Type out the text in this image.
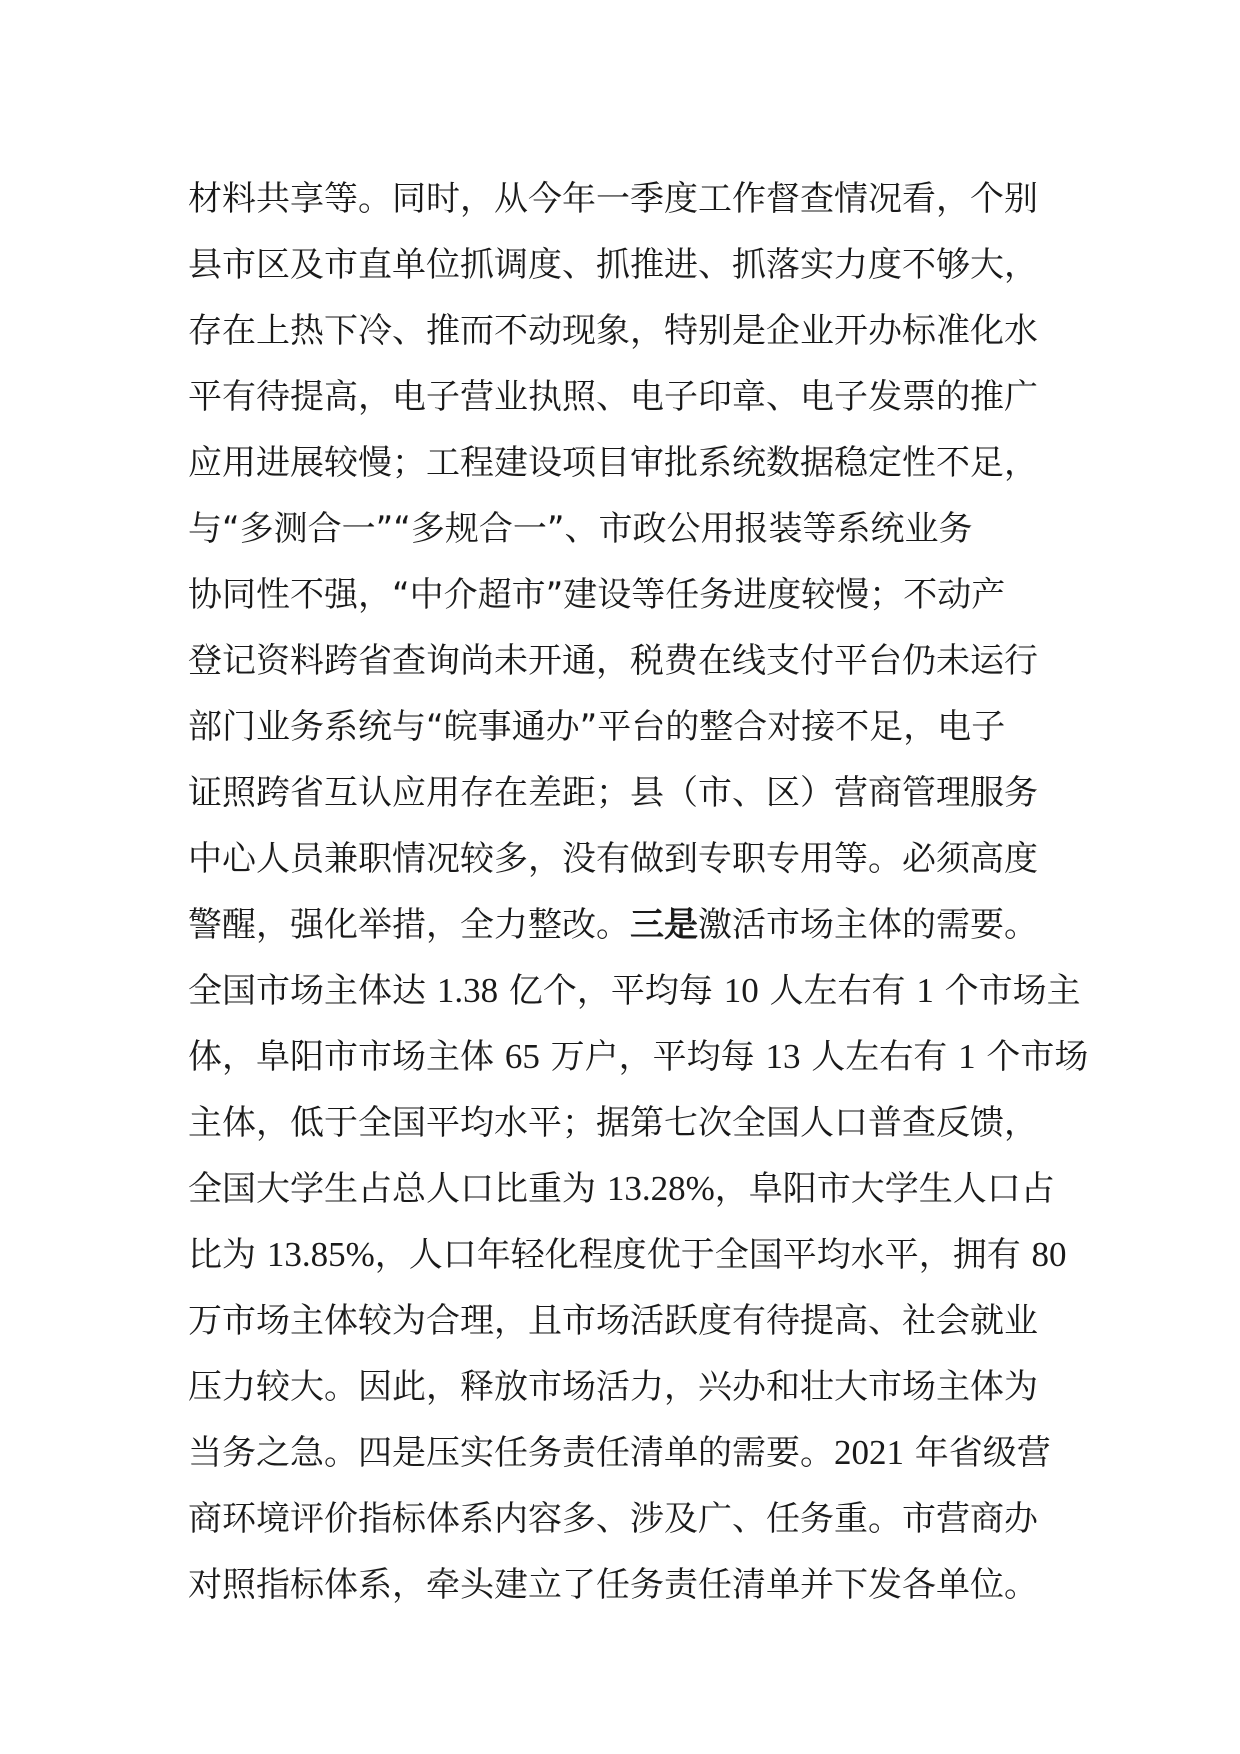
材料共享等。同时，从今年一季度工作督查情况看，个别
县市区及市直单位抓调度、抓推进、抓落实力度不够大，
存在上热下冷、推而不动现象，特别是企业开办标准化水
平有待提高，电子营业执照、电子印章、电子发票的推广
应用进展较慢；工程建设项目审批系统数据稳定性不足，
与“多测合一”“多规合一”、市政公用报装等系统业务
协同性不强，“中介超市”建设等任务进度较慢；不动产
登记资料跨省查询尚未开通，税费在线支付平台仍未运行
部门业务系统与“皖事通办”平台的整合对接不足，电子
证照跨省互认应用存在差距；县（市、区）营商管理服务
中心人员兼职情况较多，没有做到专职专用等。必须高度
警醒，强化举措，全力整改。三是激活市场主体的需要。
全国市场主体达 1.38 亿个，平均每 10 人左右有 1 个市场主
体，阜阳市市场主体 65 万户，平均每 13 人左右有 1 个市场
主体，低于全国平均水平；据第七次全国人口普查反馈，
全国大学生占总人口比重为 13.28%，阜阳市大学生人口占
比为 13.85%，人口年轻化程度优于全国平均水平，拥有 80
万市场主体较为合理，且市场活跃度有待提高、社会就业
压力较大。因此，释放市场活力，兴办和壮大市场主体为
当务之急。四是压实任务责任清单的需要。2021 年省级营
商环境评价指标体系内容多、涉及广、任务重。市营商办
对照指标体系，牵头建立了任务责任清单并下发各单位。
